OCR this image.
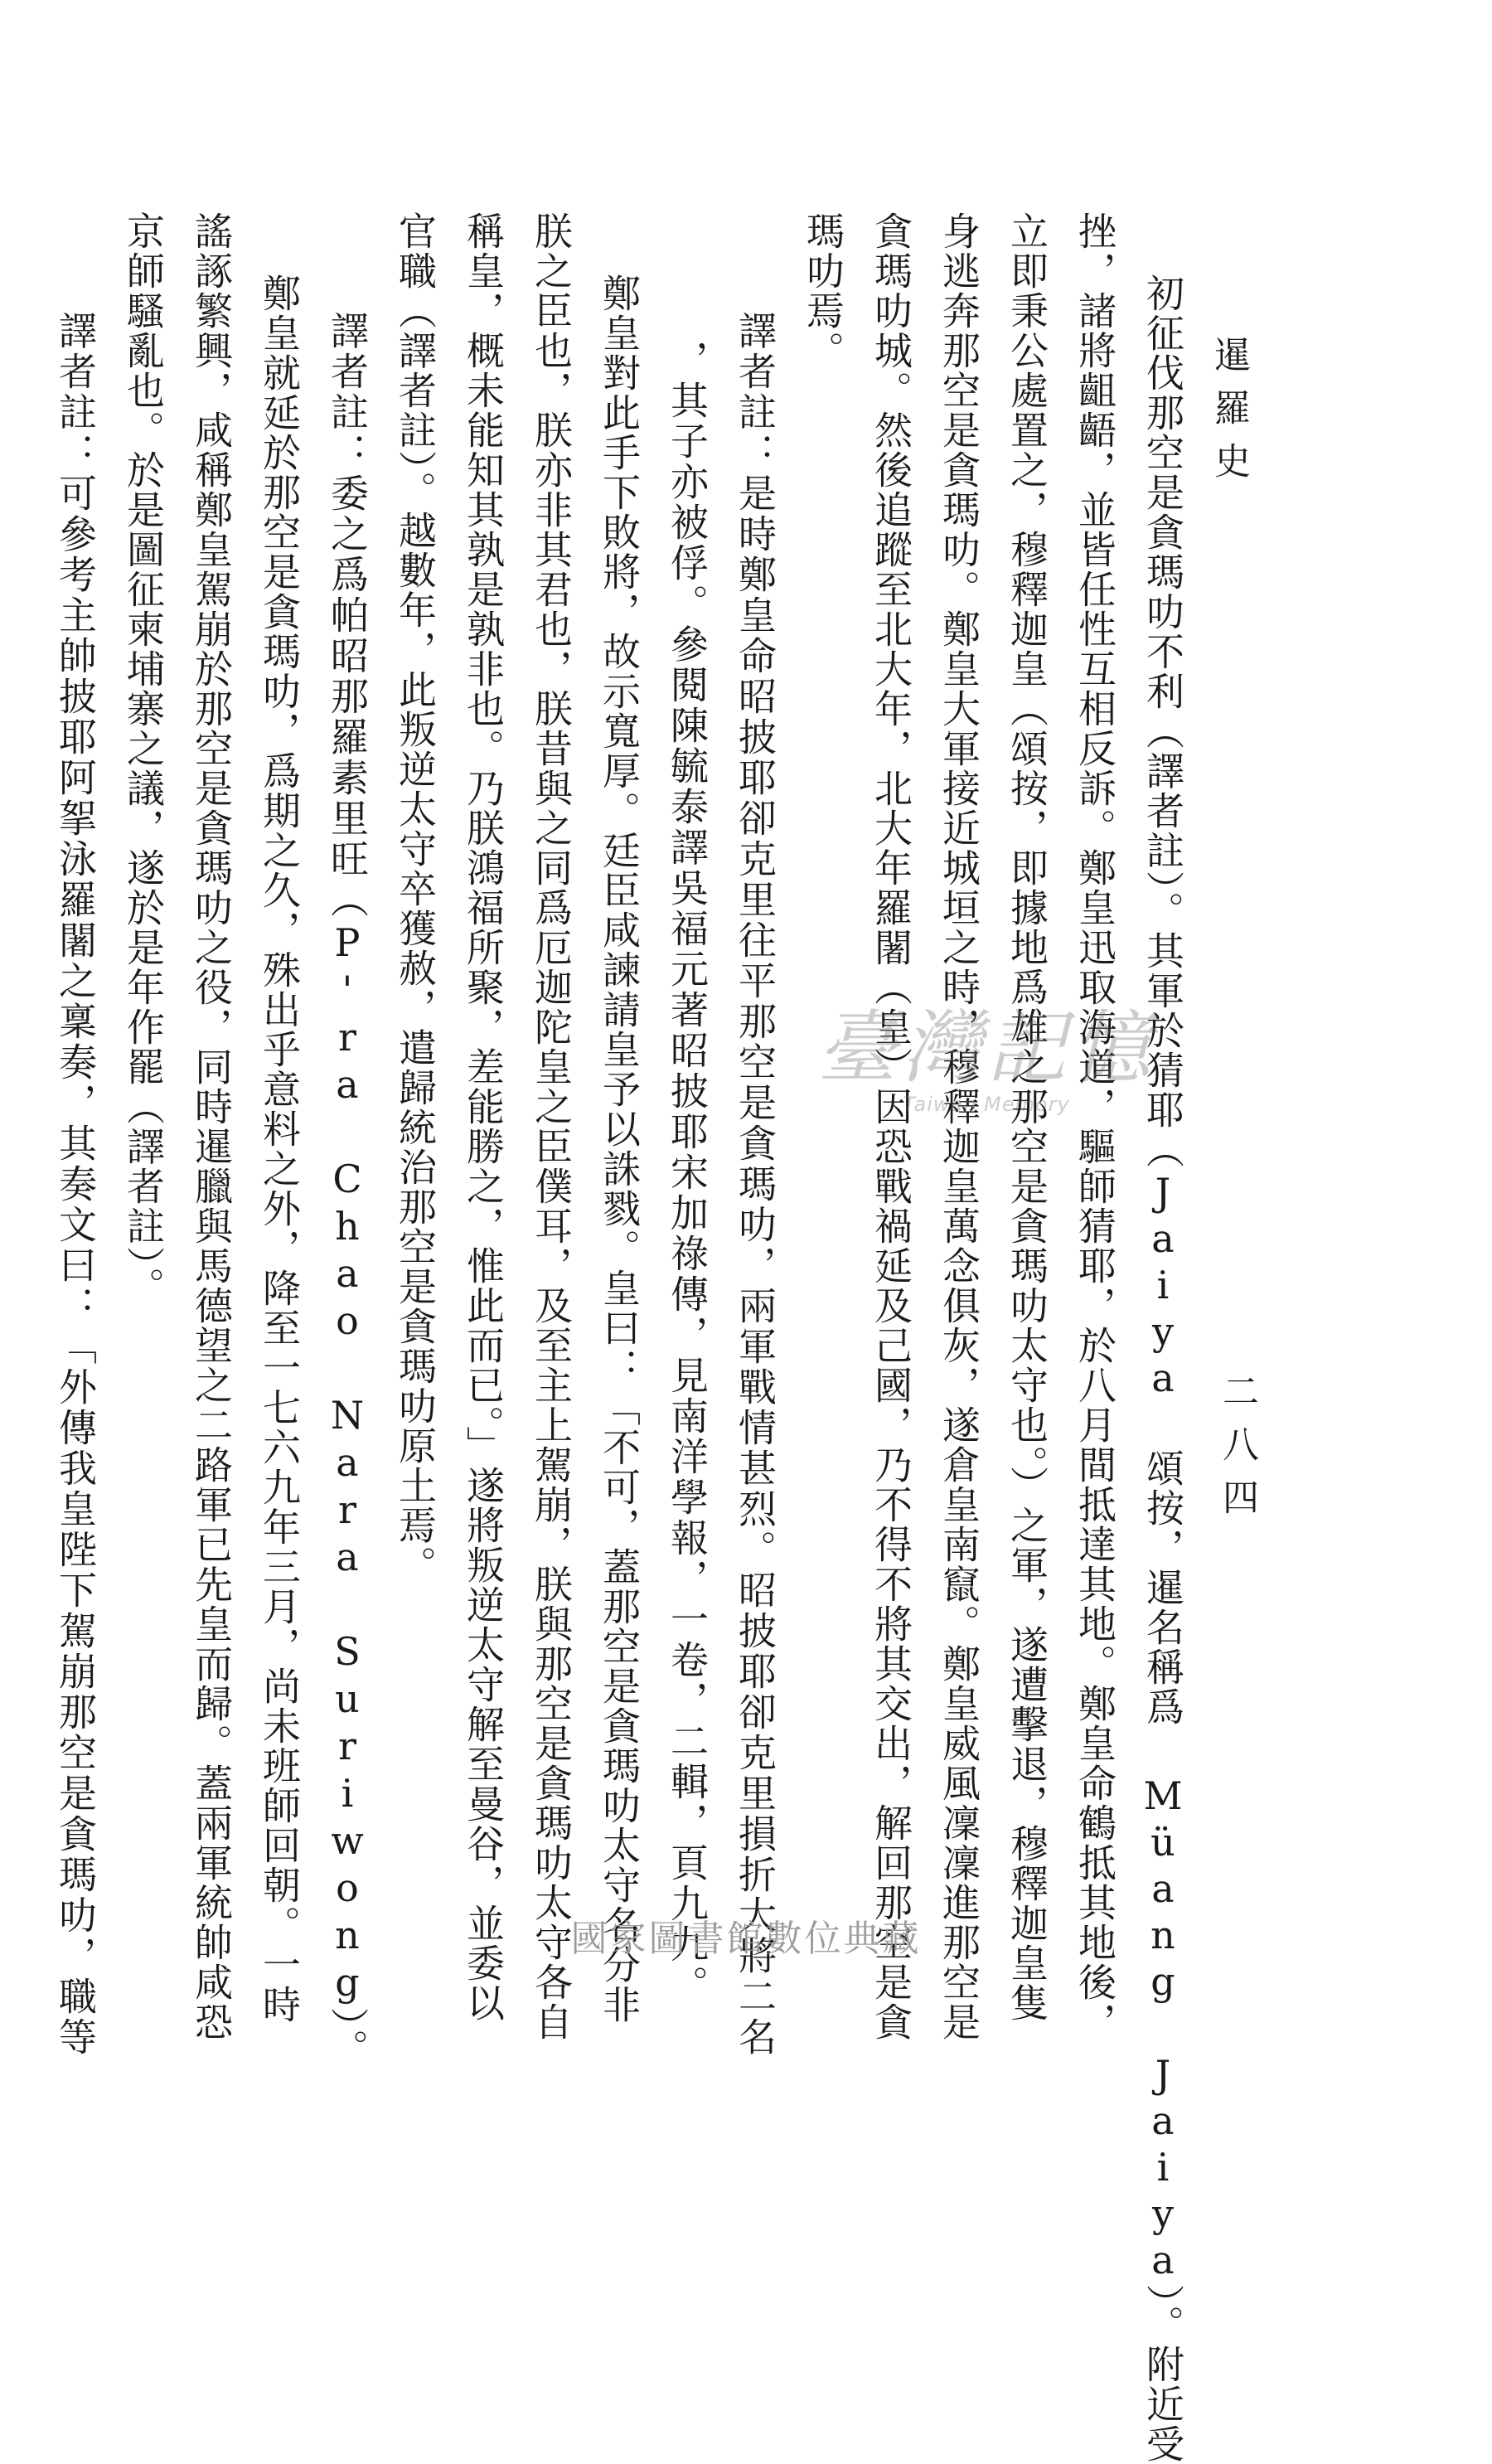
暹羅史
二八四
初征伐那空是貪瑪叻不利（譯者註）。其軍於猜耶（Jaiya 頌按，暹名稱爲 Müang Jaiya）。附近受
挫，諸將齟齬，並皆任性互相反訴。鄭皇迅取海道，驅師猜耶，於八月間抵達其地。鄭皇命鶴抵其地後，
立即秉公處置之，穆釋迦皇（頌按，即據地爲雄之那空是貪瑪叻太守也。）之軍，遂遭擊退，穆釋迦皇隻
身逃奔那空是貪瑪叻。鄭皇大軍接近城垣之時，穆釋迦皇萬念俱灰，遂倉皇南竄。鄭皇威風凜凜進那空是
貪瑪叻城。然後追蹤至北大年，北大年羅闍（皇）因恐戰禍延及己國，乃不得不將其交出，解回那空是貪
瑪叻焉。
譯者註：是時鄭皇命昭披耶卻克里往平那空是貪瑪叻，兩軍戰情甚烈。昭披耶卻克里損折大將二名
，其子亦被俘。參閱陳毓泰譯吳福元著昭披耶宋加祿傳，見南洋學報，一卷，二輯，頁九九。
鄭皇對此手下敗將，故示寬厚。廷臣咸諫請皇予以誅戮。皇曰：「不可，蓋那空是貪瑪叻太守名分非
朕之臣也，朕亦非其君也，朕昔與之同爲厄迦陀皇之臣僕耳，及至主上駕崩，朕與那空是貪瑪叻太守各自
稱皇，概未能知其孰是孰非也。乃朕鴻福所聚，差能勝之，惟此而已。」遂將叛逆太守解至曼谷，並委以
官職（譯者註）。越數年，此叛逆太守卒獲赦，遣歸統治那空是貪瑪叻原土焉。
譯者註：委之爲帕昭那羅素里旺（P'ra Chao Nara Suriwong）。
鄭皇就延於那空是貪瑪叻，爲期之久，殊出乎意料之外，降至一七六九年三月，尚未班師回朝。一時
謠諑繁興，咸稱鄭皇駕崩於那空是貪瑪叻之役，同時暹臘與馬德望之二路軍已先皇而歸。蓋兩軍統帥咸恐
京師騷亂也。於是圖征柬埔寨之議，遂於是年作罷（譯者註）。
譯者註：可參考主帥披耶阿挐泳羅闍之稟奏，其奏文曰：「外傳我皇陛下駕崩那空是貪瑪叻，職等	臺灣記憶
Taiwan Memory
國家圖書館數位典藏
